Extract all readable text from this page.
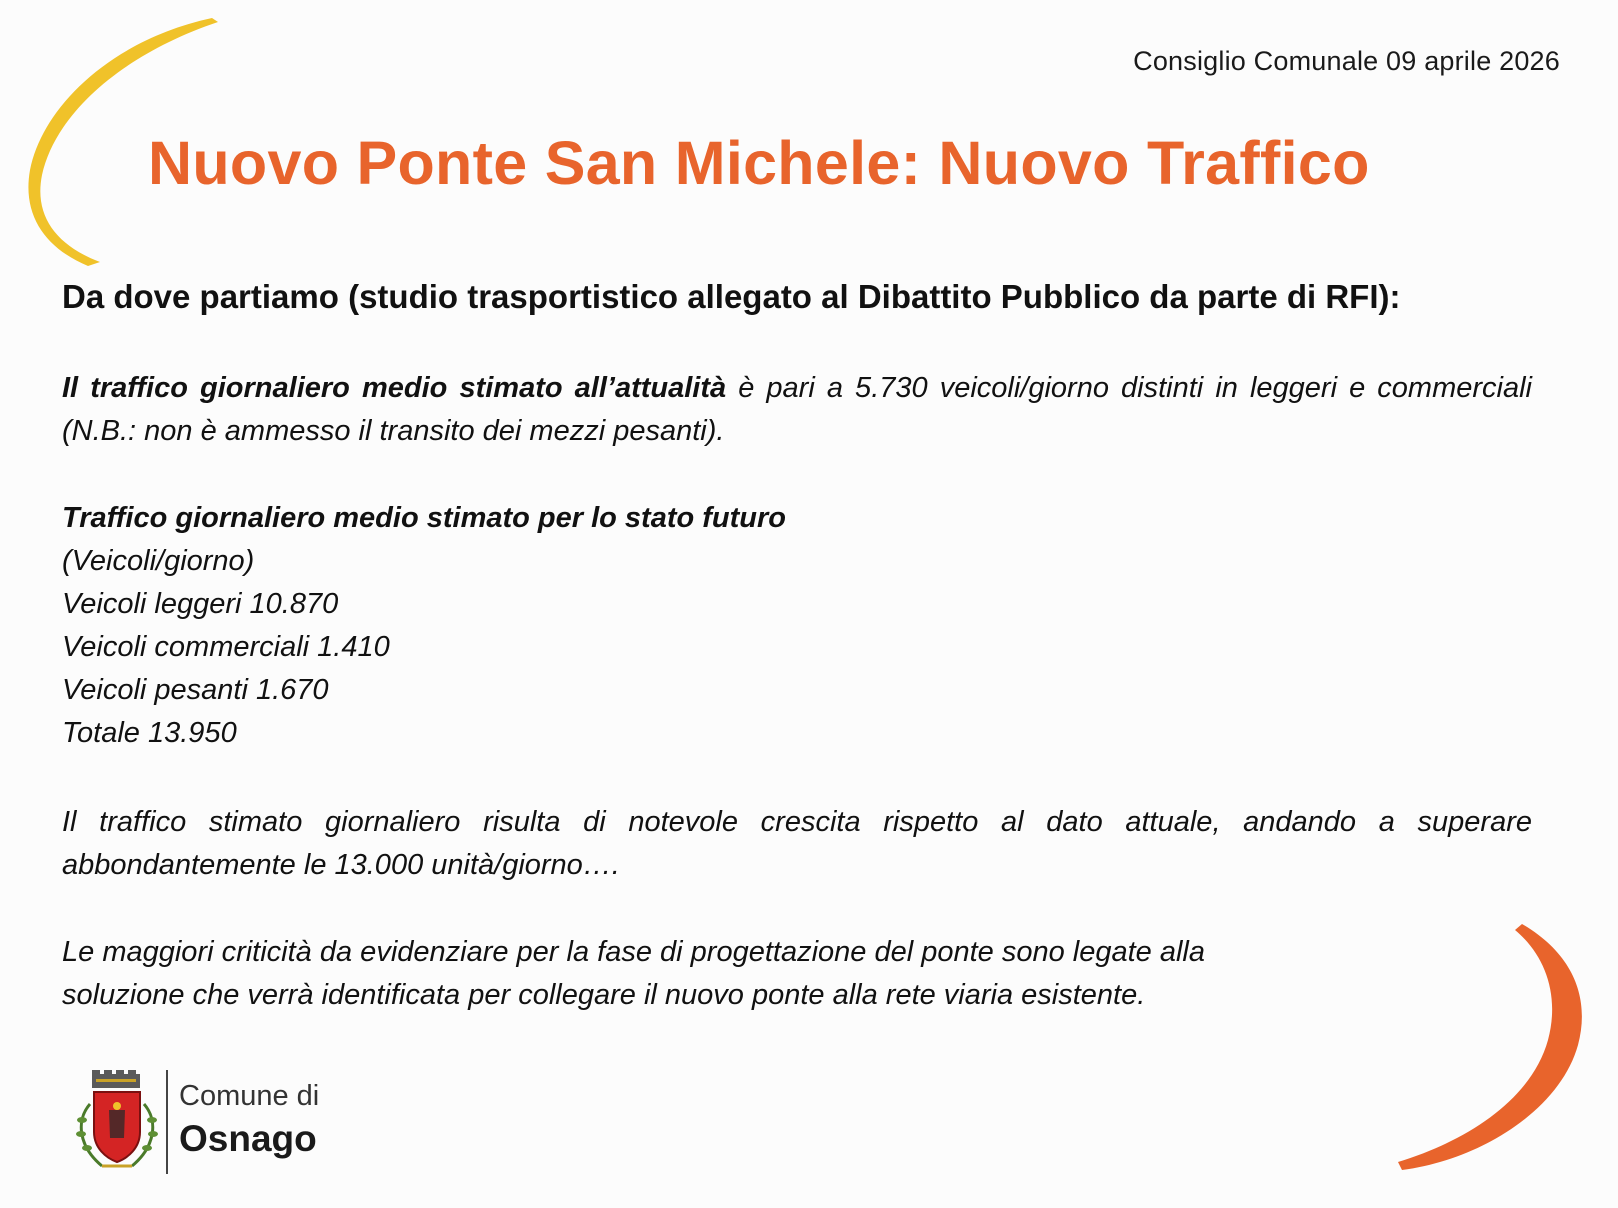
Consiglio Comunale 09 aprile 2026
Nuovo Ponte San Michele: Nuovo Traffico
Da dove partiamo (studio trasportistico allegato al Dibattito Pubblico da parte di RFI):

Il traffico giornaliero medio stimato all’attualità è pari a 5.730 veicoli/giorno distinti in leggeri e commerciali (N.B.: non è ammesso il transito dei mezzi pesanti).

Traffico giornaliero medio stimato per lo stato futuro
(Veicoli/giorno)
Veicoli leggeri 10.870
Veicoli commerciali 1.410
Veicoli pesanti 1.670
Totale 13.950

Il traffico stimato giornaliero risulta di notevole crescita rispetto al dato attuale, andando a superare abbondantemente le 13.000 unità/giorno….

Le maggiori criticità da evidenziare per la fase di progettazione del ponte sono legate alla
soluzione che verrà identificata per collegare il nuovo ponte alla rete viaria esistente.
Comune di
Osnago
